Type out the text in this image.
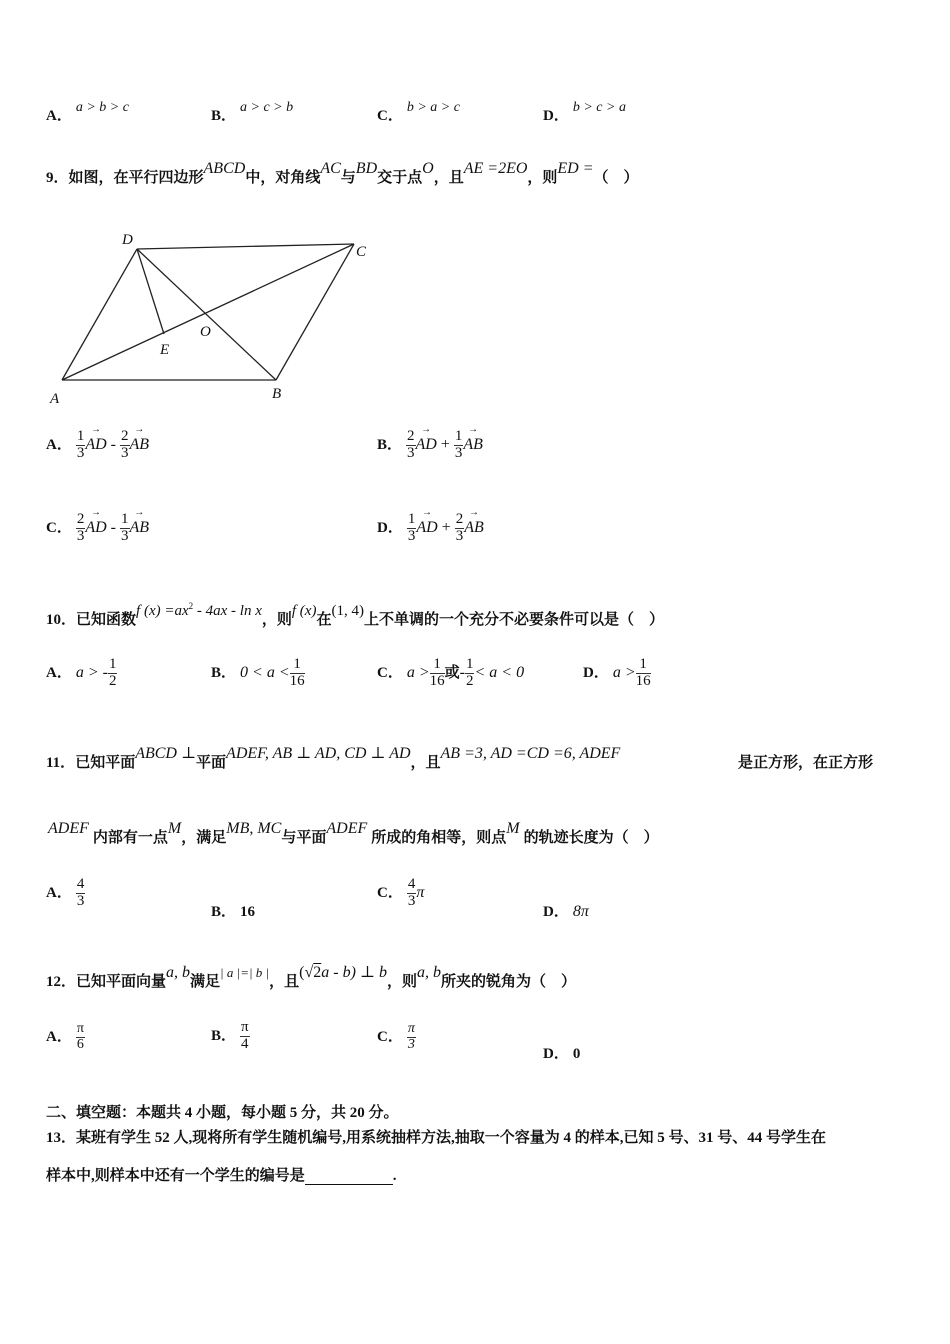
A． a > b > c
B． a > c > b
C． b > a > c
D． b > c > a
9．如图，在平行四边形ABCD中，对角线AC与BD交于点O，且AE =2EO，则ED =（　）
A	B
C
D
E
O
A． $\frac{1}{3}$ → AD - $\frac{2}{3}$ → AB	B． $\frac{2}{3}$ → AD + $\frac{1}{3}$ → AB
C． $\frac{2}{3}$ → AD - $\frac{1}{3}$ → AB	D． $\frac{1}{3}$ → AD + $\frac{2}{3}$ → AB
10．已知函数f $(x) =ax^2 - 4ax - \ln x$，则f (x)在(1, 4)上不单调的一个充分不必要条件可以是（　）
A． a > - $\frac{1}{2}$	B． $0 < a < \frac{1}{16}$	C． $a > \frac{1}{16}$ 或- $\frac{1}{2} < a < 0$	D． $a > \frac{1}{16}$
11．已知平面ABCD ⊥平面ADEF, AB ⊥ AD, CD ⊥ AD，且AB =3, AD =CD =6, ADEF
是正方形，在正方形
ADEF 内部有一点M，满足MB, MC与平面ADEF 所成的角相等，则点M 的轨迹长度为（　）
A． $\frac{4}{3}$
B． 16
C． $\frac{4}{3}$ π
D． 8π
12．已知平面向量a, b满足$^{| a |=| b |}$，且(√2a - b) ⊥ b，则a, b所夹的锐角为（　）
A． $\frac{\pi}{6}$	B． $\frac{\pi}{4}$	C． $\frac{\pi}{3}$
D． 0
二、填空题：本题共 4 小题，每小题 5 分，共 20 分。
13．某班有学生 52 人,现将所有学生随机编号,用系统抽样方法,抽取一个容量为 4 的样本,已知 5 号、31 号、44 号学生在
样本中,则样本中还有一个学生的编号是	.
